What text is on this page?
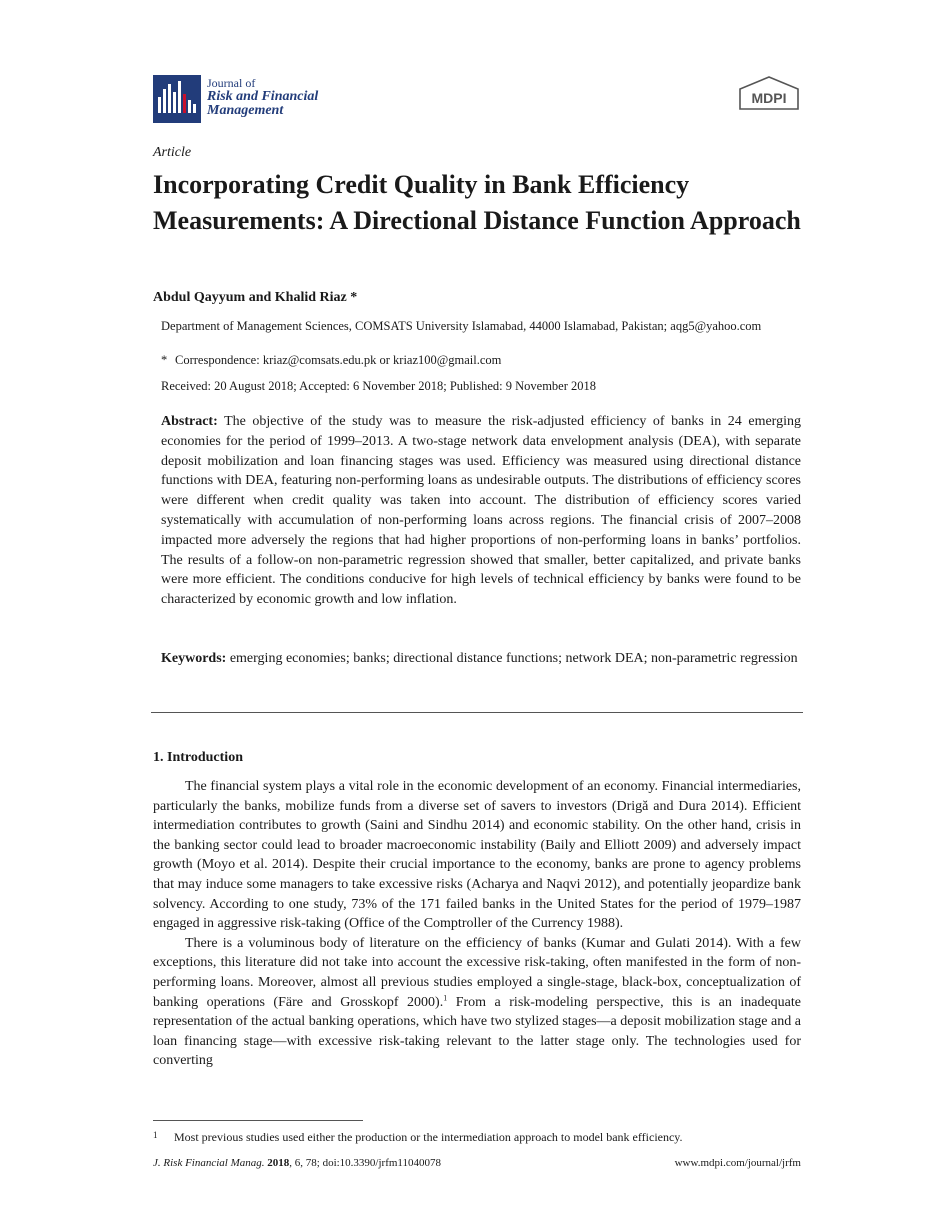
Journal of
Risk and Financial
Management
MDPI
Article
Incorporating Credit Quality in Bank Efficiency Measurements: A Directional Distance Function Approach
Abdul Qayyum and Khalid Riaz *
Department of Management Sciences, COMSATS University Islamabad, 44000 Islamabad, Pakistan; aqg5@yahoo.com
* Correspondence: kriaz@comsats.edu.pk or kriaz100@gmail.com
Received: 20 August 2018; Accepted: 6 November 2018; Published: 9 November 2018
Abstract: The objective of the study was to measure the risk-adjusted efficiency of banks in 24 emerging economies for the period of 1999–2013. A two-stage network data envelopment analysis (DEA), with separate deposit mobilization and loan financing stages was used. Efficiency was measured using directional distance functions with DEA, featuring non-performing loans as undesirable outputs. The distributions of efficiency scores were different when credit quality was taken into account. The distribution of efficiency scores varied systematically with accumulation of non-performing loans across regions. The financial crisis of 2007–2008 impacted more adversely the regions that had higher proportions of non-performing loans in banks’ portfolios. The results of a follow-on non-parametric regression showed that smaller, better capitalized, and private banks were more efficient. The conditions conducive for high levels of technical efficiency by banks were found to be characterized by economic growth and low inflation.
Keywords: emerging economies; banks; directional distance functions; network DEA; non-parametric regression
1. Introduction

The financial system plays a vital role in the economic development of an economy. Financial intermediaries, particularly the banks, mobilize funds from a diverse set of savers to investors (Drigă and Dura 2014). Efficient intermediation contributes to growth (Saini and Sindhu 2014) and economic stability. On the other hand, crisis in the banking sector could lead to broader macroeconomic instability (Baily and Elliott 2009) and adversely impact growth (Moyo et al. 2014). Despite their crucial importance to the economy, banks are prone to agency problems that may induce some managers to take excessive risks (Acharya and Naqvi 2012), and potentially jeopardize bank solvency. According to one study, 73% of the 171 failed banks in the United States for the period of 1979–1987 engaged in aggressive risk-taking (Office of the Comptroller of the Currency 1988).

There is a voluminous body of literature on the efficiency of banks (Kumar and Gulati 2014). With a few exceptions, this literature did not take into account the excessive risk-taking, often manifested in the form of non-performing loans. Moreover, almost all previous studies employed a single-stage, black-box, conceptualization of banking operations (Färe and Grosskopf 2000).$^1$ From a risk-modeling perspective, this is an inadequate representation of the actual banking operations, which have two stylized stages—a deposit mobilization stage and a loan financing stage—with excessive risk-taking relevant to the latter stage only. The technologies used for converting

1 Most previous studies used either the production or the intermediation approach to model bank efficiency.
J. Risk Financial Manag. 2018, 6, 78; doi:10.3390/jrfm11040078	www.mdpi.com/journal/jrfm
